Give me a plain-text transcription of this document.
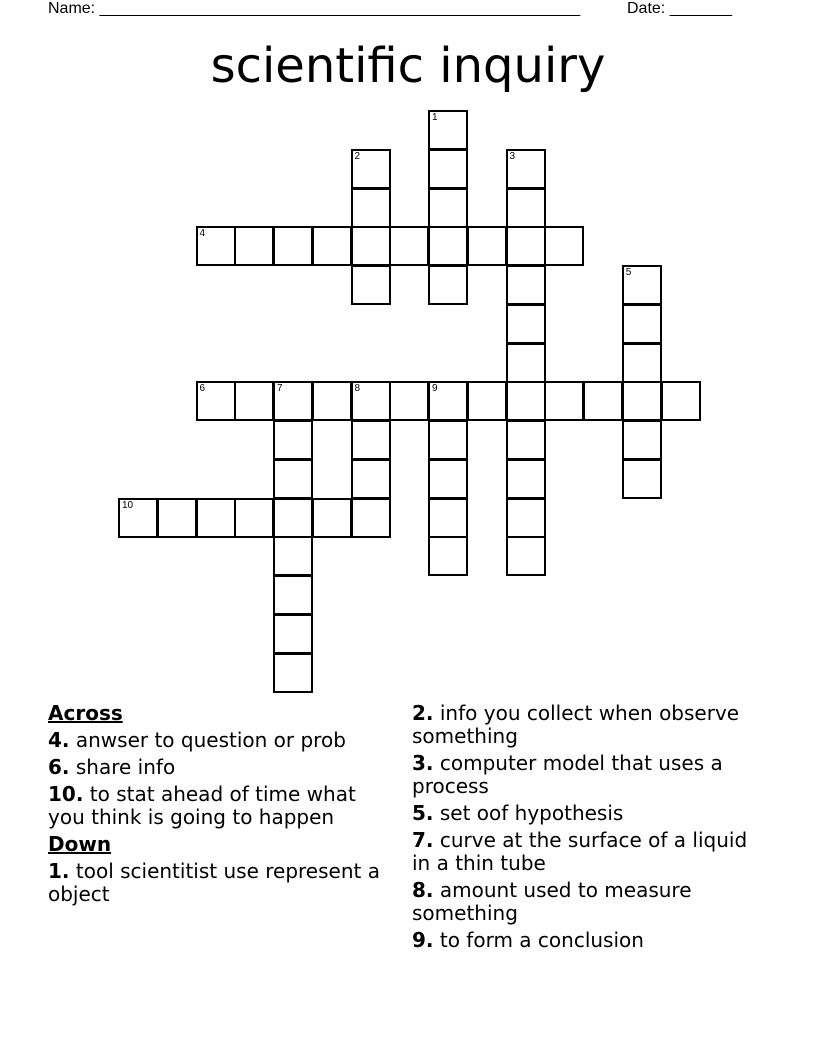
Name: ______________________________________________________	Date: _______
scientific inquiry
4
6	7	8	9
10
1
2	3
5
Across
4. anwser to question or prob
6. share info
10. to stat ahead of time what you think is going to happen
Down
1. tool scientitist use represent a object
2. info you collect when observe something
3. computer model that uses a process
5. set oof hypothesis
7. curve at the surface of a liquid in a thin tube
8. amount used to measure something
9. to form a conclusion
